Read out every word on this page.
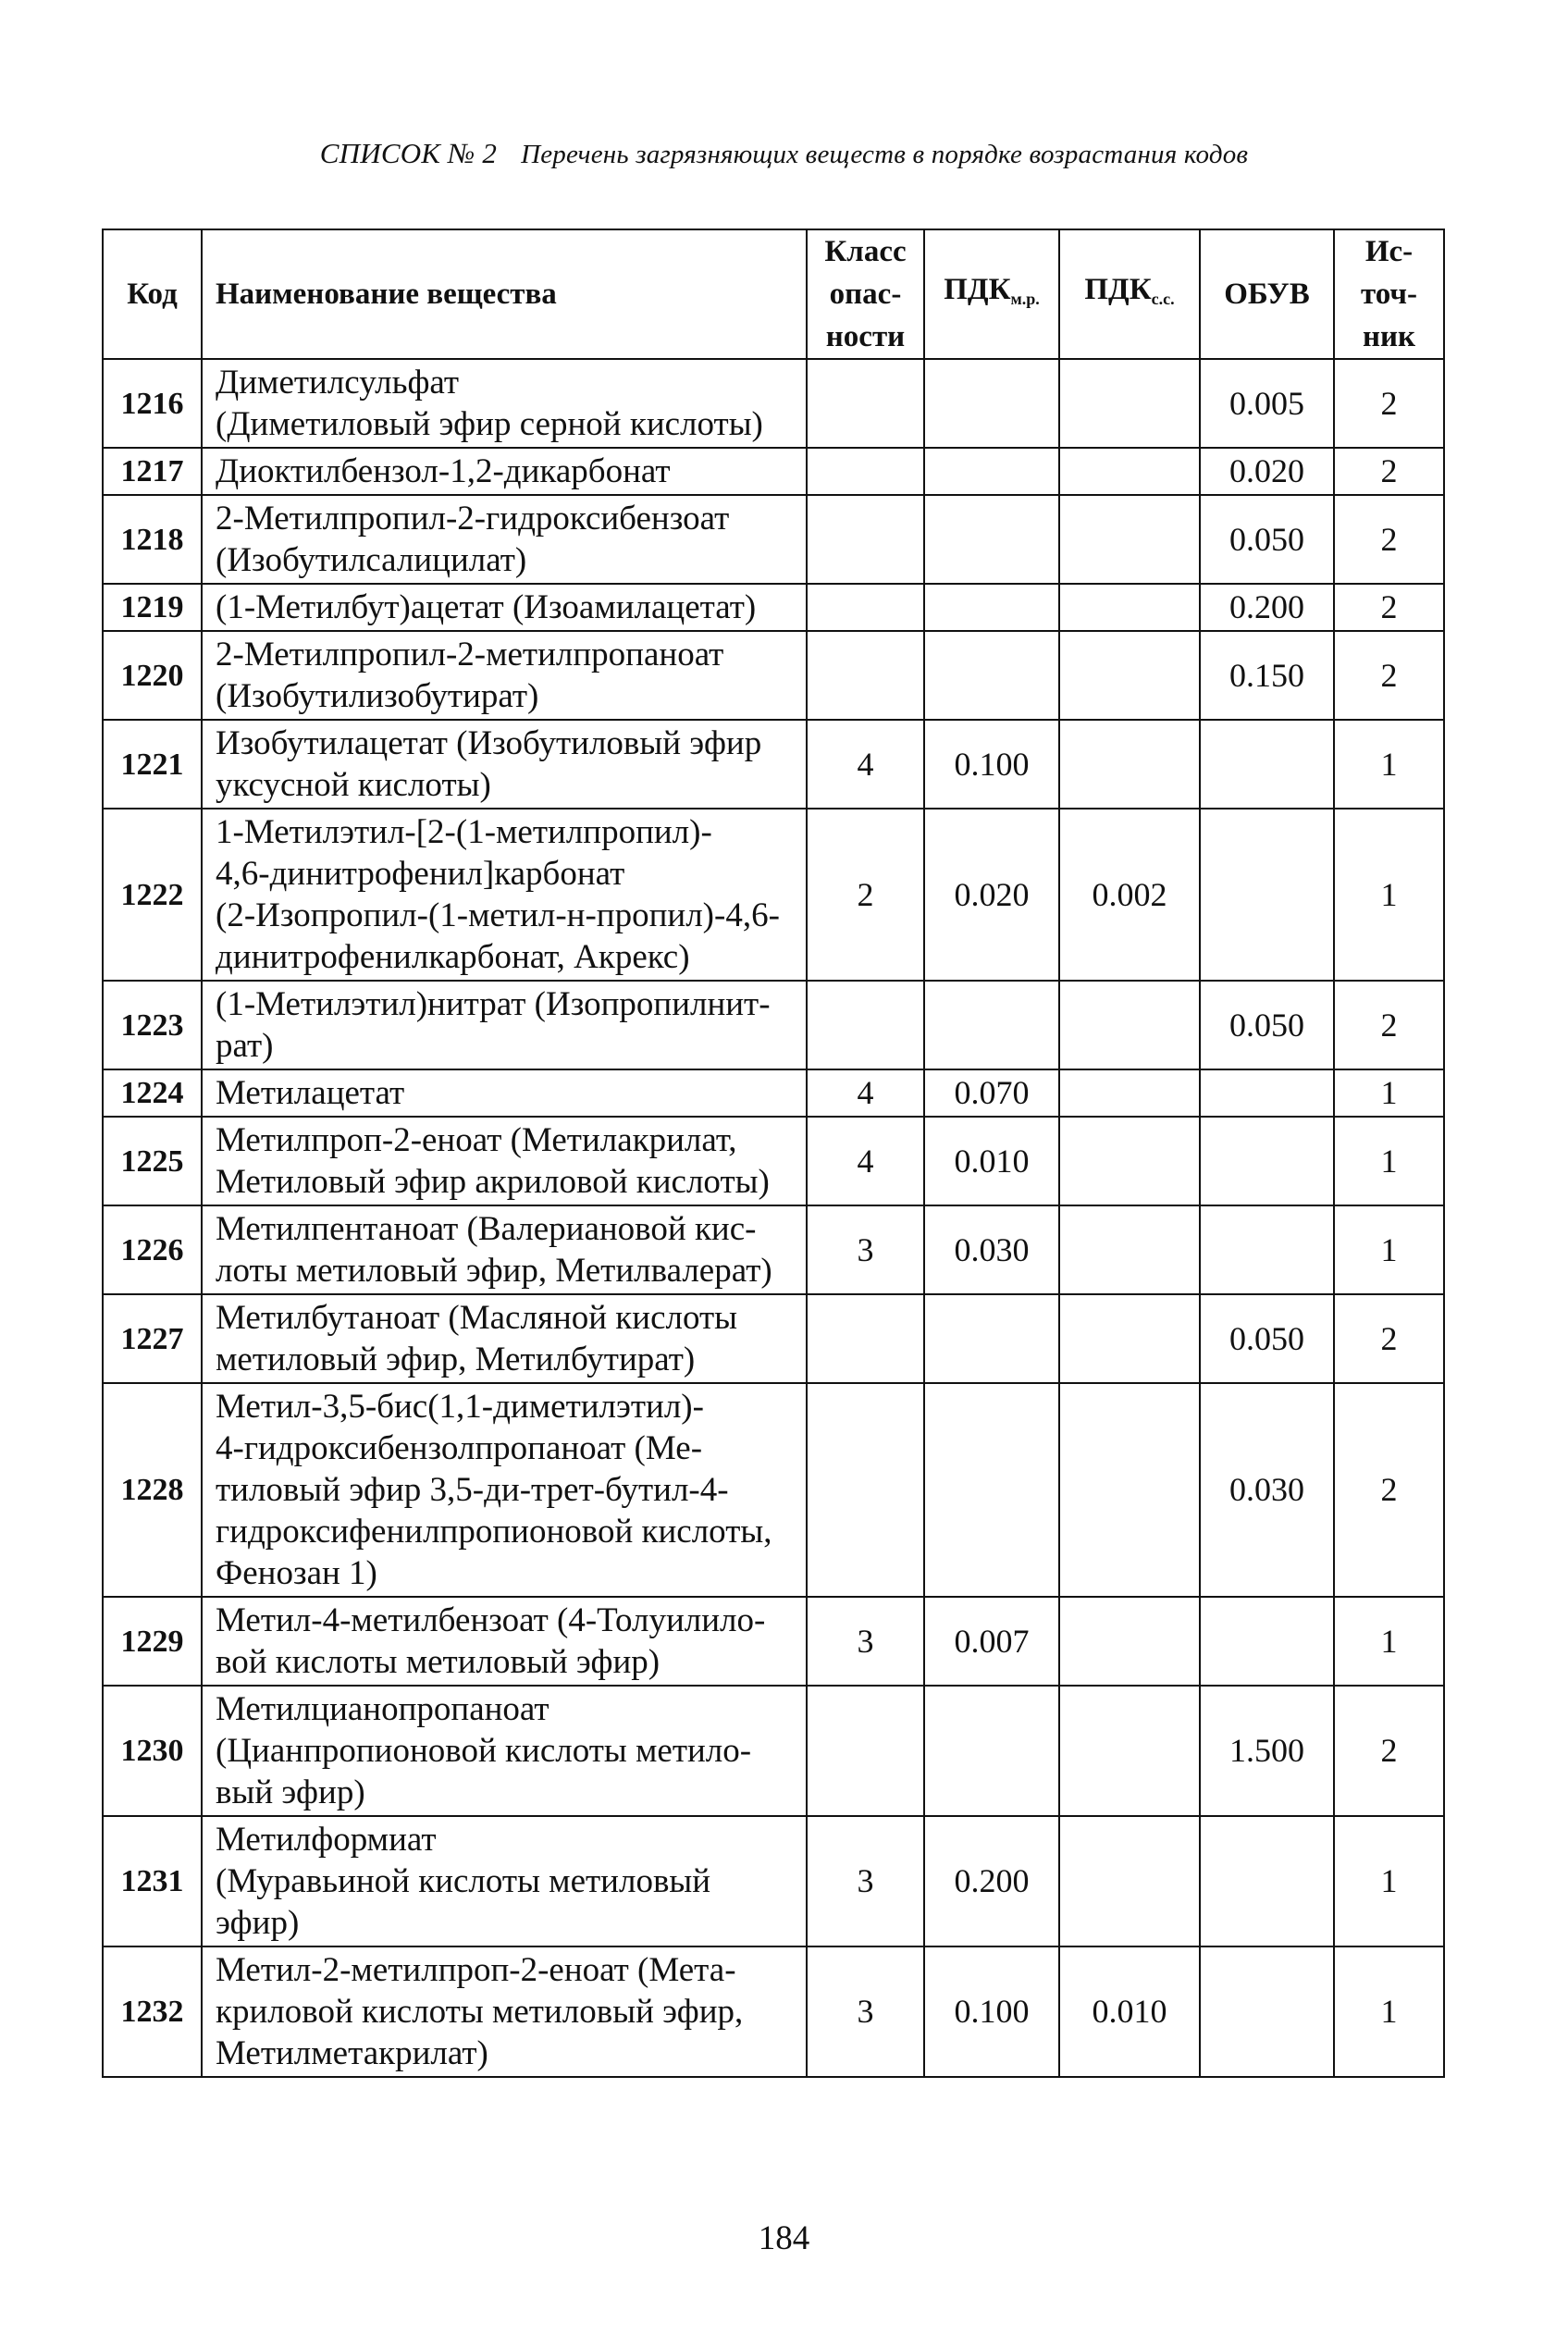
СПИСОК № 2 Перечень загрязняющих веществ в порядке возрастания кодов
Код	Наименование вещества	Класс
опас-
ности	$ПДК_{м.р.}$	$ПДК_{с.с.}$	ОБУВ	Ис-
точ-
ник
1216	Диметилсульфат
(Диметиловый эфир серной кислоты)				0.005	2
1217	Диоктилбензол-1,2-дикарбонат				0.020	2
1218	2-Метилпропил-2-гидроксибензоат
(Изобутилсалицилат)				0.050	2
1219	(1-Метилбут)ацетат (Изоамилацетат)				0.200	2
1220	2-Метилпропил-2-метилпропаноат
(Изобутилизобутират)				0.150	2
1221	Изобутилацетат (Изобутиловый эфир
уксусной кислоты)	4	0.100			1
1222	1-Метилэтил-[2-(1-метилпропил)-
4,6-динитрофенил]карбонат
(2-Изопропил-(1-метил-н-пропил)-4,6-
динитрофенилкарбонат, Акрекс)	2	0.020	0.002		1
1223	(1-Метилэтил)нитрат (Изопропилнит-
рат)				0.050	2
1224	Метилацетат	4	0.070			1
1225	Метилпроп-2-еноат (Метилакрилат,
Метиловый эфир акриловой кислоты)	4	0.010			1
1226	Метилпентаноат (Валериановой кис-
лоты метиловый эфир, Метилвалерат)	3	0.030			1
1227	Метилбутаноат (Масляной кислоты
метиловый эфир, Метилбутират)				0.050	2
1228	Метил-3,5-бис(1,1-диметилэтил)-
4-гидроксибензолпропаноат (Ме-
тиловый эфир 3,5-ди-трет-бутил-4-
гидроксифенилпропионовой кислоты,
Фенозан 1)				0.030	2
1229	Метил-4-метилбензоат (4-Толуилило-
вой кислоты метиловый эфир)	3	0.007			1
1230	Метилцианопропаноат
(Цианпропионовой кислоты метило-
вый эфир)				1.500	2
1231	Метилформиат
(Муравьиной кислоты метиловый
эфир)	3	0.200			1
1232	Метил-2-метилпроп-2-еноат (Мета-
криловой кислоты метиловый эфир,
Метилметакрилат)	3	0.100	0.010		1
184
